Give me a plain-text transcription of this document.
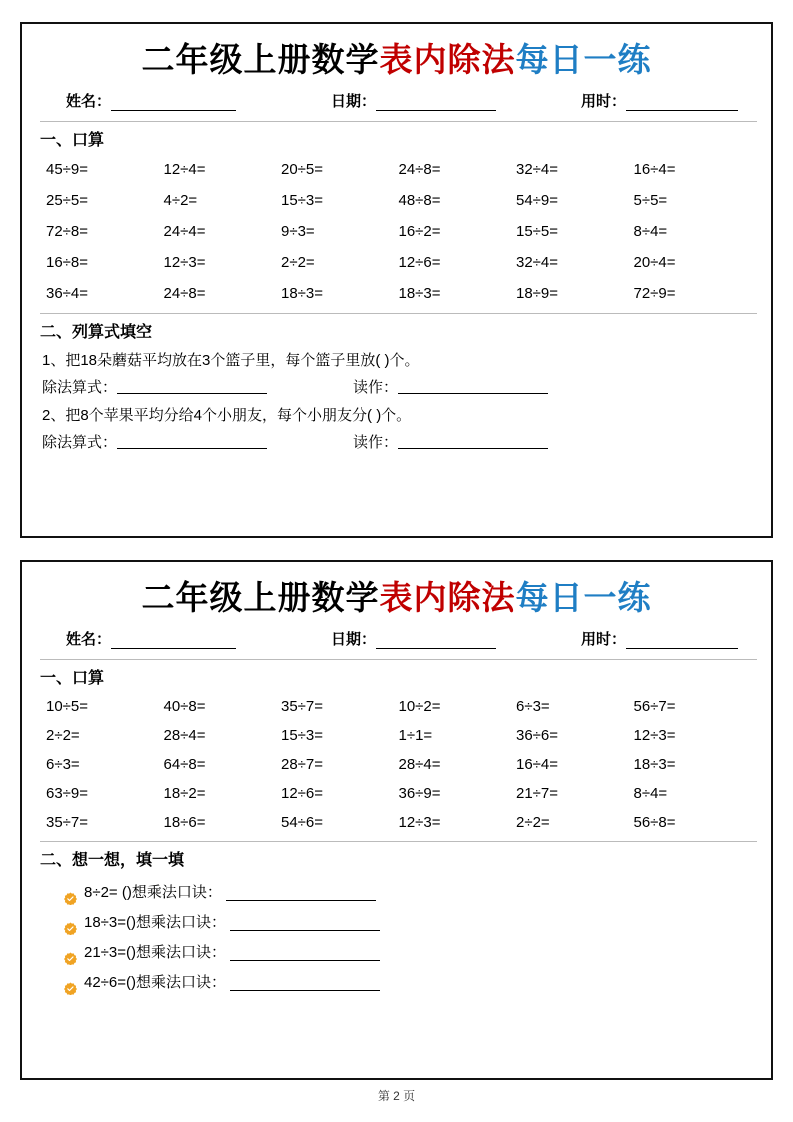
二年级上册数学表内除法每日一练
姓名：	日期：	用时：
一、口算
45÷9=	12÷4=	20÷5=	24÷8=	32÷4=	16÷4=
25÷5=	4÷2=	15÷3=	48÷8=	54÷9=	5÷5=
72÷8=	24÷4=	9÷3=	16÷2=	15÷5=	8÷4=
16÷8=	12÷3=	2÷2=	12÷6=	32÷4=	20÷4=
36÷4=	24÷8=	18÷3=	18÷3=	18÷9=	72÷9=
二、列算式填空
1、把18朵蘑菇平均放在3个篮子里，每个篮子里放( )个。
除法算式：	读作：
2、把8个苹果平均分给4个小朋友，每个小朋友分( )个。
除法算式：	读作：
二年级上册数学表内除法每日一练
姓名：	日期：	用时：
一、口算
10÷5=	40÷8=	35÷7=	10÷2=	6÷3=	56÷7=
2÷2=	28÷4=	15÷3=	1÷1=	36÷6=	12÷3=
6÷3=	64÷8=	28÷7=	28÷4=	16÷4=	18÷3=
63÷9=	18÷2=	12÷6=	36÷9=	21÷7=	8÷4=
35÷7=	18÷6=	54÷6=	12÷3=	2÷2=	56÷8=
二、想一想，填一填
8÷2= ( )想乘法口诀：
18÷3=( )想乘法口诀：
21÷3=( )想乘法口诀：
42÷6=( )想乘法口诀：
第 2 页
